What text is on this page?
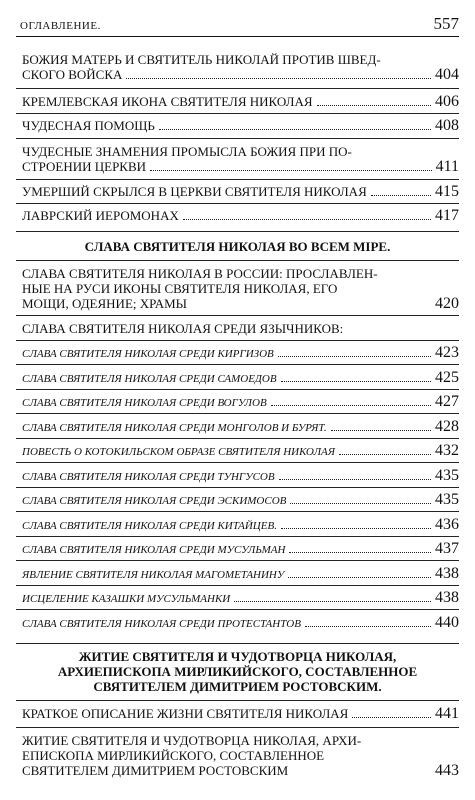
ОГЛАВЛЕНИЕ.	557
БОЖИЯ МАТЕРЬ И СВЯТИТЕЛЬ НИКОЛАЙ ПРОТИВ ШВЕД-
СКОГО ВОЙСКА	404
КРЕМЛЕВСКАЯ ИКОНА СВЯТИТЕЛЯ НИКОЛАЯ	406
ЧУДЕСНАЯ ПОМОЩЬ	408
ЧУДЕСНЫЕ ЗНАМЕНИЯ ПРОМЫСЛА БОЖИЯ ПРИ ПО-
СТРОЕНИИ ЦЕРКВИ	411
УМЕРШИЙ СКРЫЛСЯ В ЦЕРКВИ СВЯТИТЕЛЯ НИКОЛАЯ	415
ЛАВРСКИЙ ИЕРОМОНАХ	417
СЛАВА СВЯТИТЕЛЯ НИКОЛАЯ ВО ВСЕМ MIPE.
СЛАВА СВЯТИТЕЛЯ НИКОЛАЯ В РОССИИ: ПРОСЛАВЛЕН-
НЫЕ НА РУСИ ИКОНЫ СВЯТИТЕЛЯ НИКОЛАЯ, ЕГО
МОЩИ, ОДЕЯНИЕ; ХРАМЫ	420
СЛАВА СВЯТИТЕЛЯ НИКОЛАЯ СРЕДИ ЯЗЫЧНИКОВ:
СЛАВА СВЯТИТЕЛЯ НИКОЛАЯ СРЕДИ КИРГИЗОВ	423
СЛАВА СВЯТИТЕЛЯ НИКОЛАЯ СРЕДИ САМОЕДОВ	425
СЛАВА СВЯТИТЕЛЯ НИКОЛАЯ СРЕДИ ВОГУЛОВ	427
СЛАВА СВЯТИТЕЛЯ НИКОЛАЯ СРЕДИ МОНГОЛОВ И БУРЯТ.	428
ПОВЕСТЬ О КОТОКИЛЬСКОМ ОБРАЗЕ СВЯТИТЕЛЯ НИКОЛАЯ	432
СЛАВА СВЯТИТЕЛЯ НИКОЛАЯ СРЕДИ ТУНГУСОВ	435
СЛАВА СВЯТИТЕЛЯ НИКОЛАЯ СРЕДИ ЭСКИМОСОВ	435
СЛАВА СВЯТИТЕЛЯ НИКОЛАЯ СРЕДИ КИТАЙЦЕВ.	436
СЛАВА СВЯТИТЕЛЯ НИКОЛАЯ СРЕДИ МУСУЛЬМАН	437
ЯВЛЕНИЕ СВЯТИТЕЛЯ НИКОЛАЯ МАГОМЕТАНИНУ	438
ИСЦЕЛЕНИЕ КАЗАШКИ МУСУЛЬМАНКИ	438
СЛАВА СВЯТИТЕЛЯ НИКОЛАЯ СРЕДИ ПРОТЕСТАНТОВ	440
ЖИТИЕ СВЯТИТЕЛЯ И ЧУДОТВОРЦА НИКОЛАЯ,
АРХИЕПИСКОПА МИРЛИКИЙСКОГО, СОСТАВЛЕННОЕ
СВЯТИТЕЛЕМ ДИМИТРИЕМ РОСТОВСКИМ.
КРАТКОЕ ОПИСАНИЕ ЖИЗНИ СВЯТИТЕЛЯ НИКОЛАЯ	441
ЖИТИЕ СВЯТИТЕЛЯ И ЧУДОТВОРЦА НИКОЛАЯ, АРХИ-
ЕПИСКОПА МИРЛИКИЙСКОГО, СОСТАВЛЕННОЕ
СВЯТИТЕЛЕМ ДИМИТРИЕМ РОСТОВСКИМ	443
